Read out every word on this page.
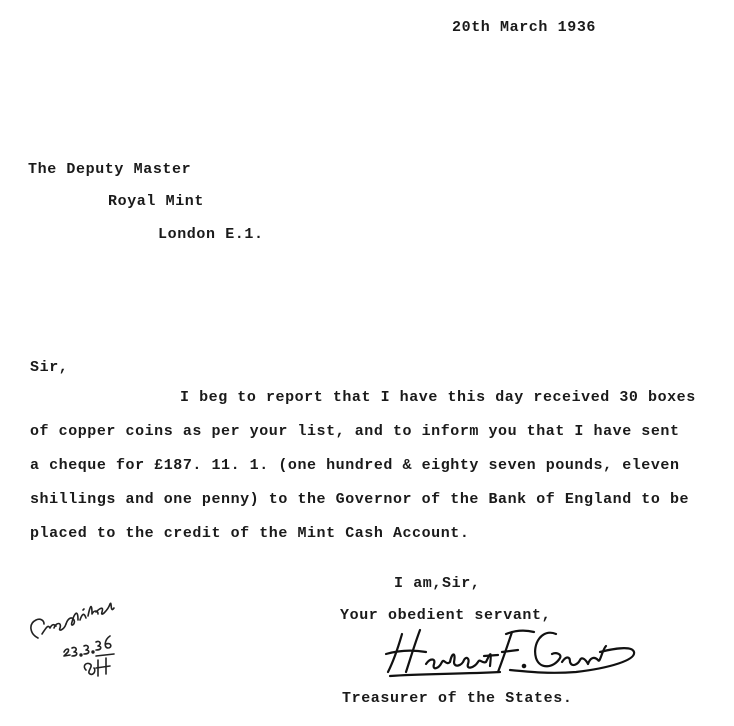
20th March 1936
The Deputy Master
Royal Mint
London E.1.
Sir,
I beg to report that I have this day received 30 boxes
of copper coins as per your list, and to inform you that I have sent
a cheque for £187. 11. 1. (one hundred & eighty seven pounds, eleven
shillings and one penny) to the Governor of the Bank of England to be
placed to the credit of the Mint Cash Account.
I am,Sir,
Your obedient servant,
Treasurer of the States.
